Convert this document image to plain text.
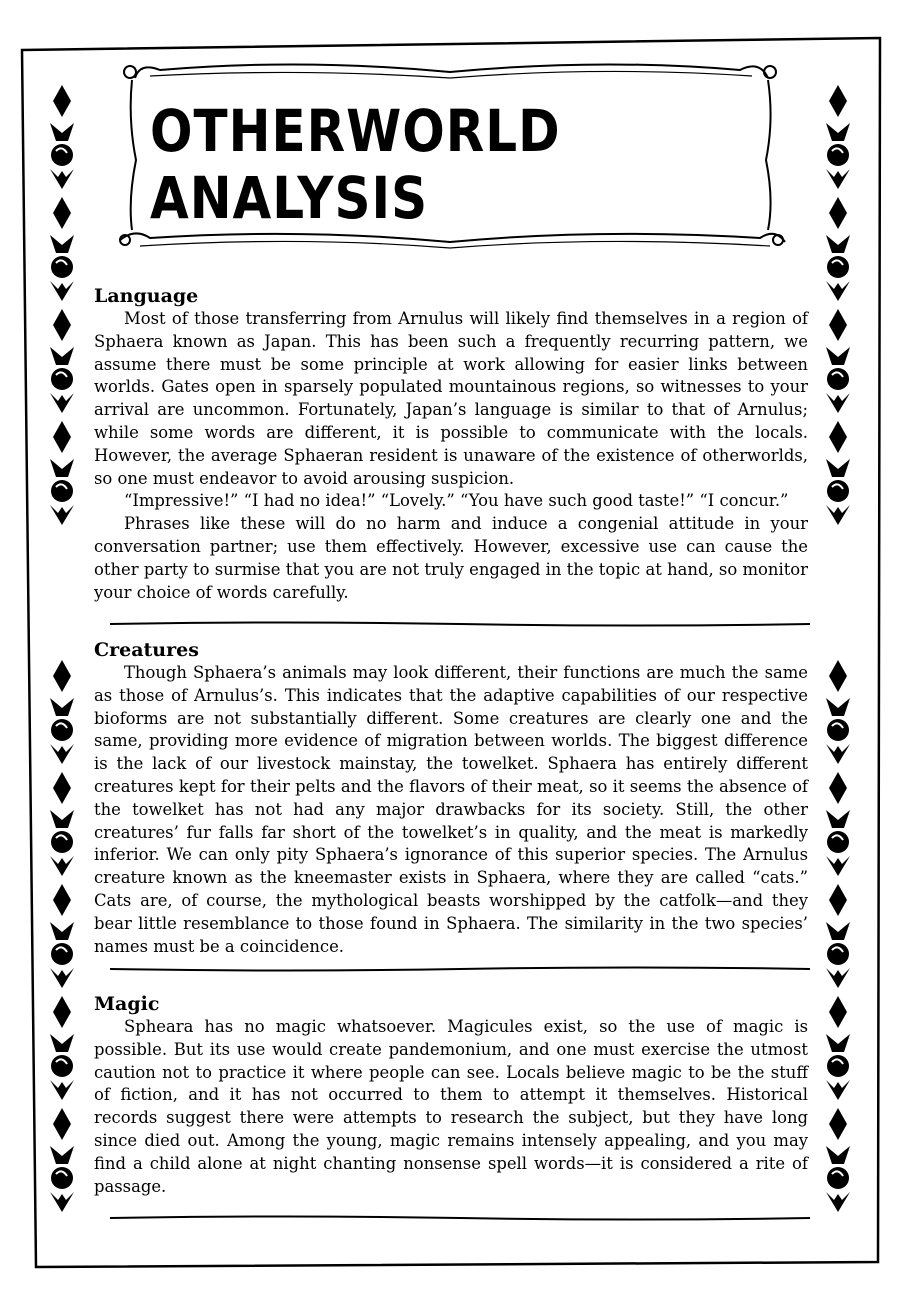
OTHERWORLD ANALYSIS
Language

Most of those transferring from Arnulus will likely find themselves in a region of Sphaera known as Japan. This has been such a frequently recurring pattern, we assume there must be some principle at work allowing for easier links between worlds. Gates open in sparsely populated mountainous regions, so witnesses to your arrival are uncommon. Fortunately, Japan’s language is similar to that of Arnulus; while some words are different, it is possible to communicate with the locals. However, the average Sphaeran resident is unaware of the existence of otherworlds, so one must endeavor to avoid arousing suspicion.

“Impressive!” “I had no idea!” “Lovely.” “You have such good taste!” “I concur.”

Phrases like these will do no harm and induce a congenial attitude in your conversation partner; use them effectively. However, excessive use can cause the other party to surmise that you are not truly engaged in the topic at hand, so monitor your choice of words carefully.

Creatures

Though Sphaera’s animals may look different, their functions are much the same as those of Arnulus’s. This indicates that the adaptive capabilities of our respective bioforms are not substantially different. Some creatures are clearly one and the same, providing more evidence of migration between worlds. The biggest difference is the lack of our livestock mainstay, the towelket. Sphaera has entirely different creatures kept for their pelts and the flavors of their meat, so it seems the absence of the towelket has not had any major drawbacks for its society. Still, the other creatures’ fur falls far short of the towelket’s in quality, and the meat is markedly inferior. We can only pity Sphaera’s ignorance of this superior species. The Arnulus creature known as the kneemaster exists in Sphaera, where they are called “cats.” Cats are, of course, the mythological beasts worshipped by the catfolk—and they bear little resemblance to those found in Sphaera. The similarity in the two species’ names must be a coincidence.

Magic

Spheara has no magic whatsoever. Magicules exist, so the use of magic is possible. But its use would create pandemonium, and one must exercise the utmost caution not to practice it where people can see. Locals believe magic to be the stuff of fiction, and it has not occurred to them to attempt it themselves. Historical records suggest there were attempts to research the subject, but they have long since died out. Among the young, magic remains intensely appealing, and you may find a child alone at night chanting nonsense spell words—it is considered a rite of passage.
